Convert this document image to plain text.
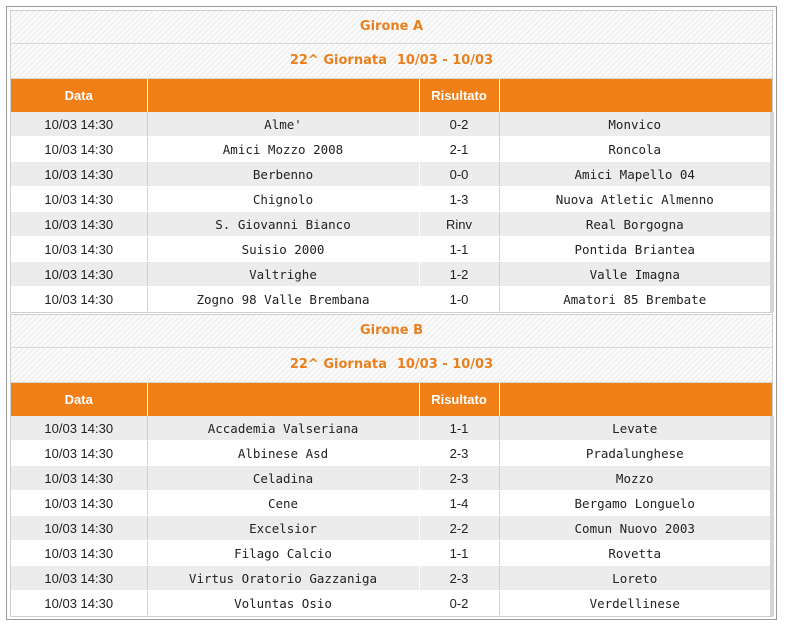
Girone A
22^ Giornata 10/03 - 10/03
Data		Risultato	
10/03 14:30	Alme'	0-2	Monvico
10/03 14:30	Amici Mozzo 2008	2-1	Roncola
10/03 14:30	Berbenno	0-0	Amici Mapello 04
10/03 14:30	Chignolo	1-3	Nuova Atletic Almenno
10/03 14:30	S. Giovanni Bianco	Rinv	Real Borgogna
10/03 14:30	Suisio 2000	1-1	Pontida Briantea
10/03 14:30	Valtrighe	1-2	Valle Imagna
10/03 14:30	Zogno 98 Valle Brembana	1-0	Amatori 85 Brembate
Girone B
22^ Giornata 10/03 - 10/03
Data		Risultato	
10/03 14:30	Accademia Valseriana	1-1	Levate
10/03 14:30	Albinese Asd	2-3	Pradalunghese
10/03 14:30	Celadina	2-3	Mozzo
10/03 14:30	Cene	1-4	Bergamo Longuelo
10/03 14:30	Excelsior	2-2	Comun Nuovo 2003
10/03 14:30	Filago Calcio	1-1	Rovetta
10/03 14:30	Virtus Oratorio Gazzaniga	2-3	Loreto
10/03 14:30	Voluntas Osio	0-2	Verdellinese
